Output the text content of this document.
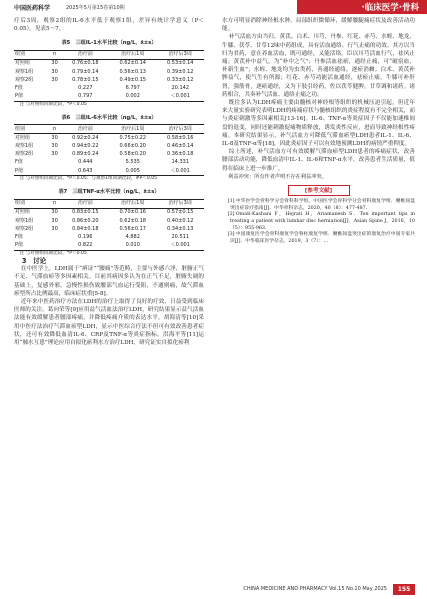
中国医药科学	2025年5月第15卷第10期	·临床医学·骨科

疗后3周，观察2组的IL-6水平低于观察1组，差异有统计学意义（P＜0.05）。见表5～7。

表5　三组IL-1水平比较（ng/L，x̄±s）
组别	n	治疗前	治疗后1周	治疗后3周
对照组	30	0.76±0.18	0.62±0.14	0.53±0.14
观察1组	30	0.79±0.14	0.56±0.13	0.39±0.12
观察2组	30	0.78±0.15	0.49±0.15	0.33±0.12
F值		0.227	6.797	20.142
P值		0.797	0.002	＜0.001

注 与对照组同期比较，*P＜0.05

表6　三组IL-6水平比较（ng/L，x̄±s）
组别	n	治疗前	治疗后1周	治疗后3周
对照组	30	0.92±0.24	0.75±0.22	0.58±0.16
观察1组	30	0.94±0.22	0.66±0.20	0.46±0.14
观察2组	30	0.89±0.24	0.58±0.20	0.36±0.18
F值		0.444	5.535	14.331
P值		0.643	0.005	＜0.001

注 与对照组同期比较，*P＜0.05；与观察1组同期比较，#P＜0.05

表7　三组TNF-α水平比较（ng/L，x̄±s）
组别	n	治疗前	治疗后1周	治疗后3周
对照组	30	0.83±0.15	0.70±0.16	0.57±0.15
观察1组	30	0.86±0.20	0.62±0.18	0.40±0.12
观察2组	30	0.84±0.18	0.56±0.17	0.34±0.13
F值		0.196	4.882	20.511
P值		0.822	0.010	＜0.001

注 与对照组同期比较，*P＜0.05

3　讨论

在中医学上，LDH属于“痹证”“腰痛”等范畴，主要与外感六淫、脏腑正气不足、气滞血瘀等多因素相关。目前其病因多认为在正气不足，脏腑失调的基础上，复感外邪，急慢性损伤致腰部气血运行受阻，不通则痛，故气滞血瘀型所占比例最高，临床症状重[5-8]。

近年来中医药治疗方法在LDH的治疗上取得了良好的疗效，日益受到临床医师的关注。葛向荣等[9]应用益气活血法治疗LDH，研究结果显示益气活血法能有效缓解患者腰部疼痛，并降低疼痛介质的表达水平。胡海清等[10]采用中医疗法治疗气滞血瘀型LDH，显示中医综合疗法不但可有效改善患者症状，还可有效降低血清IL-6、CRP及TNF-α等炎症指标。洪海平等[11]运用“肺水互患”理论应用自拟化瘀利水方治疗LDH，研究证实自拟化瘀利

水方可明显消除神经根水肿，局部组织微循环，缓解腰腿痛症状及改善活动功能。

补气活血方由当归、黄芪、白术、川芎、丹参、红花、赤芍、水蛭、地龙、牛膝、茯苓、甘草12味中药组成，具有活血通络、行气止痛的功效。其方以当归为君药，意在养血活血，既可通经，又能活络。臣以川芎活血行气，祛风止痛；黄芪补中益气，为“补中之气”；丹参活血祛瘀，通经止痛，可“破宿血，补新生血”；水蛭、地龙均为虫类药，善通经通络，逐瘀消癥；白术、黄芪补脾益气，使气生有所源；红花、赤芍功能活血通经，祛瘀止痛，牛膝可补肝肾，强筋骨，逐瘀通经，又为下肢引经药。佐以茯苓健脾，甘草调和诸药。诸药相合，共奏补气活血、通络止痛之功。

既往多认为LDH疼痛主要由髓核对神经根等组织的机械压迫引起，但近年来大量实验研究表明LDH的疼痛症状与髓核组织的炎症程度有不完全相关，而与炎症刺激等多因素相关[13-16]。IL-6、TNF-α等炎症因子不仅能加速椎间盘的退变，同时还能刺激促痛物质释放，诱发炎性反应，进而导致神经根性疼痛。本研究结果显示，补气活血方可降低气滞血瘀型LDH患者IL-1、IL-6、IL-8及TNF-α等[18]，因此炎症因子可以有效地预测LDH的病情严重程度。

综上所述，补气活血方可有效缓解气滞血瘀型LDH患者的疼痛症状，改善腰部活动功能，降低血清中IL-1、IL-6和TNF-α水平，改善患者生活质量，值得在临床上进一步推广。

利益冲突：所有作者声明不存在利益冲突。

[参考文献]

[1] 中华医学会骨科学分会骨科科学组，中国医学会骨科学分会骨科康复学组．腰椎间盘突出症诊疗指南[J]．中华骨科杂志，2020，40（8）：477-487.

[2] Omidi-Kashani F，Hejrati H，Ariamanesh S．Ten important tips in treating a patient with lumbar disc herniation[J]．Asian Spine J，2016，10（5）：955-963.

[3] 中国康复医学会骨科康复学会脊柱康复学组．腰椎间盘突出症的康复治疗中国专家共识[J]．中华临床医学杂志，2019，3（7）：...

CHINA MEDICINE AND PHARMACY Vol.15 No.10 May 2025	155
